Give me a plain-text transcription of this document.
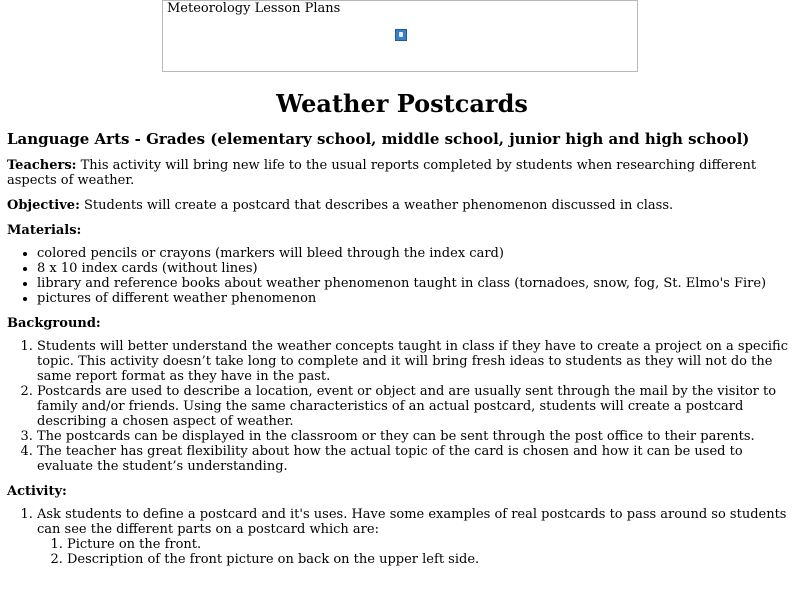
Meteorology Lesson Plans
Weather Postcards
Language Arts - Grades (elementary school, middle school, junior high and high school)

Teachers: This activity will bring new life to the usual reports completed by students when researching different aspects of weather.

Objective: Students will create a postcard that describes a weather phenomenon discussed in class.

Materials:
• colored pencils or crayons (markers will bleed through the index card)
• 8 x 10 index cards (without lines)
• library and reference books about weather phenomenon taught in class (tornadoes, snow, fog, St. Elmo's Fire)
• pictures of different weather phenomenon
Background:
1. Students will better understand the weather concepts taught in class if they have to create a project on a specific topic. This activity doesn’t take long to complete and it will bring fresh ideas to students as they will not do the same report format as they have in the past.
2. Postcards are used to describe a location, event or object and are usually sent through the mail by the visitor to family and/or friends. Using the same characteristics of an actual postcard, students will create a postcard describing a chosen aspect of weather.
3. The postcards can be displayed in the classroom or they can be sent through the post office to their parents.
4. The teacher has great flexibility about how the actual topic of the card is chosen and how it can be used to evaluate the student’s understanding.
Activity:
1. Ask students to define a postcard and it's uses. Have some examples of real postcards to pass around so students can see the different parts on a postcard which are:
1. Picture on the front.
2. Description of the front picture on back on the upper left side.
